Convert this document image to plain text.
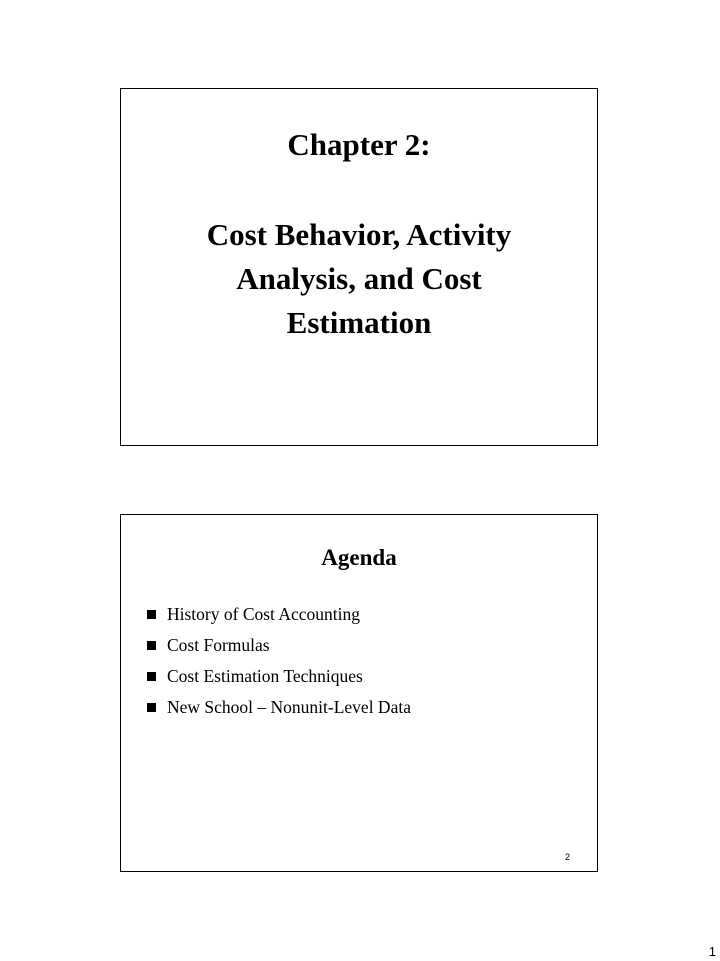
Chapter 2:
Cost Behavior, Activity
Analysis, and Cost
Estimation
Agenda
History of Cost Accounting
Cost Formulas
Cost Estimation Techniques
New School – Nonunit-Level Data
2
1
